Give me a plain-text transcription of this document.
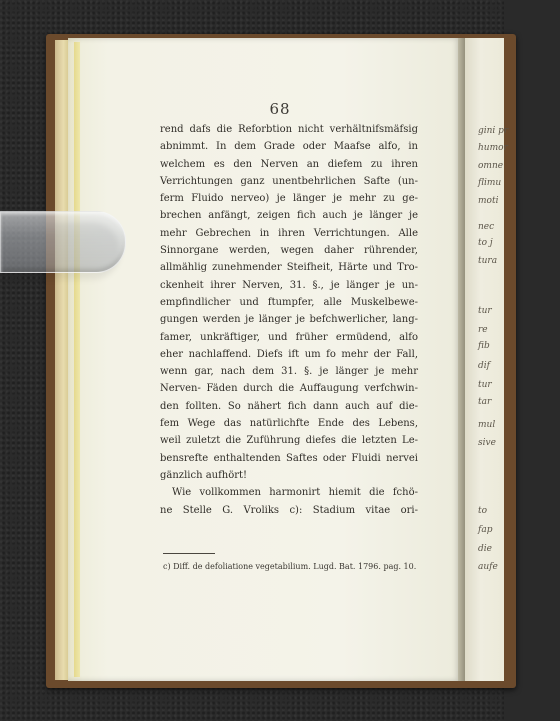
gini pr
humor
omne
flimu
moti
nec
to j
tura
tur
re
fib
dif
tur
tar
mul
sive
to
fap
die
aufe
68
rend dafs die Reforbtion nicht verhältnifsmäfsig
abnimmt. In dem Grade oder Maafse alfo, in
welchem es den Nerven an diefem zu ihren
Verrichtungen ganz unentbehrlichen Safte (un-
ferm Fluido nerveo) je länger je mehr zu ge-
brechen anfängt, zeigen fich auch je länger je
mehr Gebrechen in ihren Verrichtungen. Alle
Sinnorgane werden, wegen daher rührender,
allmählig zunehmender Steifheit, Härte und Tro-
ckenheit ihrer Nerven, 31. §., je länger je un-
empfindlicher und ftumpfer, alle Muskelbewe-
gungen werden je länger je befchwerlicher, lang-
famer, unkräftiger, und früher ermüdend, alfo
eher nachlaffend. Diefs ift um fo mehr der Fall,
wenn gar, nach dem 31. §. je länger je mehr
Nerven- Fäden durch die Auffaugung verfchwin-
den follten. So nähert fich dann auch auf die-
fem Wege das natürlichfte Ende des Lebens,
weil zuletzt die Zuführung diefes die letzten Le-
bensrefte enthaltenden Saftes oder Fluidi nervei
gänzlich aufhört!
Wie vollkommen harmonirt hiemit die fchö-
ne Stelle G. Vroliks c): Stadium vitae ori-
c) Diff. de defoliatione vegetabilium. Lugd. Bat. 1796. pag. 10.
